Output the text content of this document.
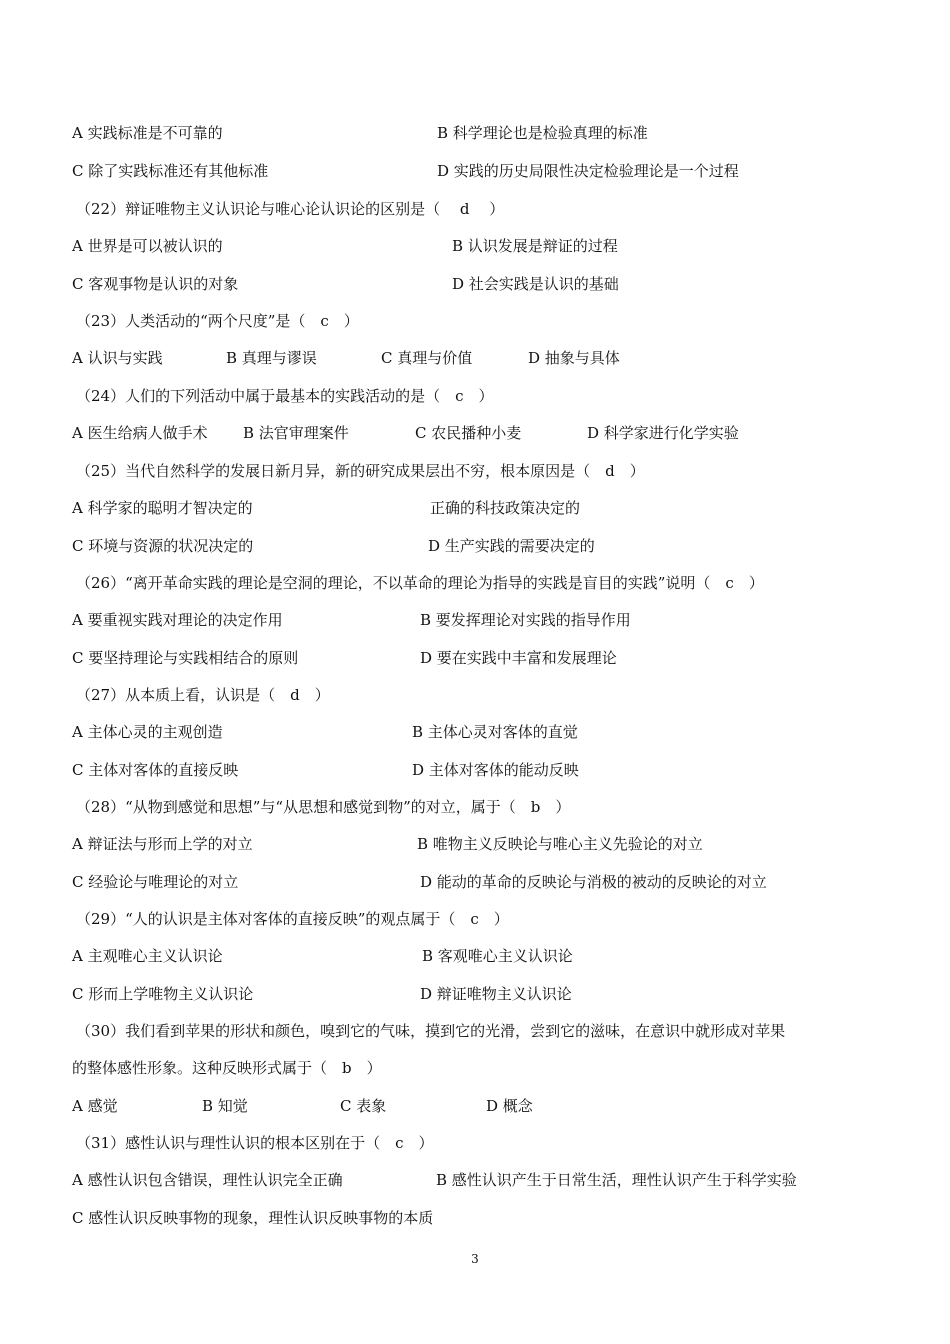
A 实践标准是不可靠的	B 科学理论也是检验真理的标准
C 除了实践标准还有其他标准	D 实践的历史局限性决定检验理论是一个过程
（22）辩证唯物主义认识论与唯心论认识论的区别是（　 d　 ）
A 世界是可以被认识的	B 认识发展是辩证的过程
C 客观事物是认识的对象	D 社会实践是认识的基础
（23）人类活动的“两个尺度”是（　c　）
A 认识与实践	B 真理与谬误	C 真理与价值	D 抽象与具体
（24）人们的下列活动中属于最基本的实践活动的是（　c　）
A 医生给病人做手术 B 法官审理案件	C 农民播种小麦	D 科学家进行化学实验
（25）当代自然科学的发展日新月异，新的研究成果层出不穷，根本原因是（　d　）
A 科学家的聪明才智决定的	正确的科技政策决定的
C 环境与资源的状况决定的	D 生产实践的需要决定的
（26）“离开革命实践的理论是空洞的理论，不以革命的理论为指导的实践是盲目的实践”说明（　c　）
A 要重视实践对理论的决定作用	B 要发挥理论对实践的指导作用
C 要坚持理论与实践相结合的原则	D 要在实践中丰富和发展理论
（27）从本质上看，认识是（　d　）
A 主体心灵的主观创造	B 主体心灵对客体的直觉
C 主体对客体的直接反映	D 主体对客体的能动反映
（28）“从物到感觉和思想”与“从思想和感觉到物”的对立，属于（　b　）
A 辩证法与形而上学的对立	B 唯物主义反映论与唯心主义先验论的对立
C 经验论与唯理论的对立	D 能动的革命的反映论与消极的被动的反映论的对立
（29）“人的认识是主体对客体的直接反映”的观点属于（　c　）
A 主观唯心主义认识论	B 客观唯心主义认识论
C 形而上学唯物主义认识论	D 辩证唯物主义认识论
（30）我们看到苹果的形状和颜色，嗅到它的气味，摸到它的光滑，尝到它的滋味，在意识中就形成对苹果
的整体感性形象。这种反映形式属于（　b　）
A 感觉	B 知觉	C 表象	D 概念
（31）感性认识与理性认识的根本区别在于（　c　）
A 感性认识包含错误，理性认识完全正确	B 感性认识产生于日常生活，理性认识产生于科学实验
C 感性认识反映事物的现象，理性认识反映事物的本质
3
